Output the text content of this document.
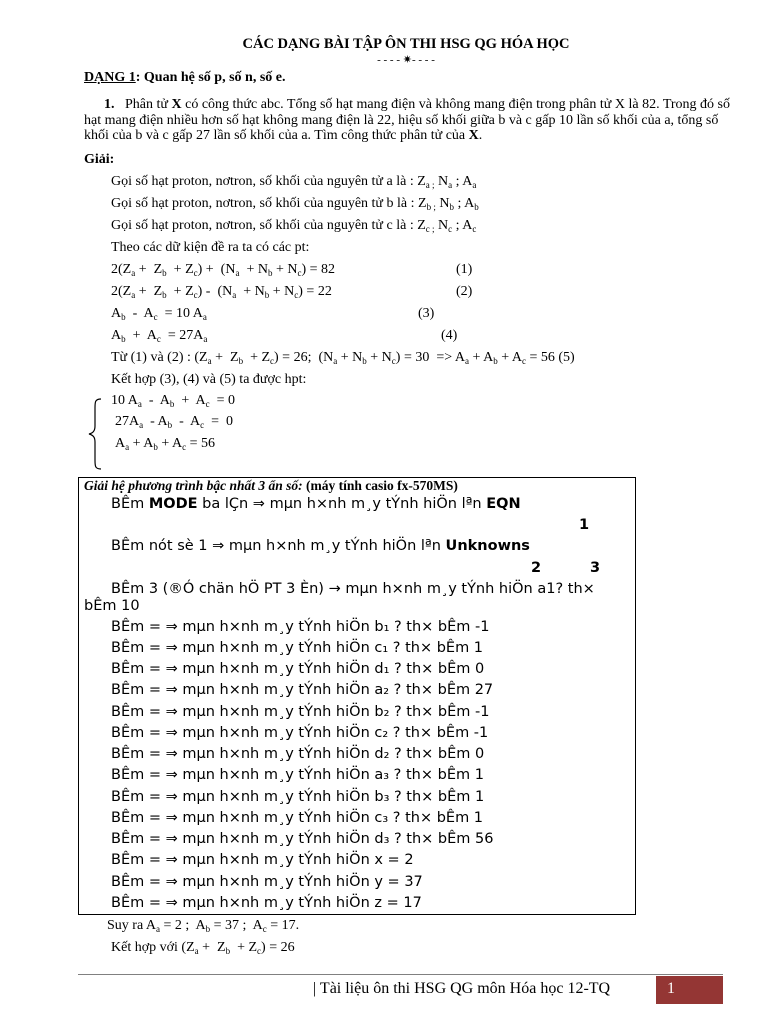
CÁC DẠNG BÀI TẬP ÔN THI HSG QG HÓA HỌC
- - - - ✷- - - -
DẠNG 1: Quan hệ số p, số n, số e.
1. Phân tử X có công thức abc. Tổng số hạt mang điện và không mang điện trong phân tử X là 82. Trong đó số hạt mang điện nhiều hơn số hạt không mang điện là 22, hiệu số khối giữa b và c gấp 10 lần số khối của a, tổng số khối của b và c gấp 27 lần số khối của a. Tìm công thức phân tử của X.
Giải:
Gọi số hạt proton, nơtron, số khối của nguyên tử a là : $Z_{a ;}$ $N_a$ ; $A_a$
Gọi số hạt proton, nơtron, số khối của nguyên tử b là : $Z_{b ;}$ $N_b$ ; $A_b$
Gọi số hạt proton, nơtron, số khối của nguyên tử c là : $Z_{c ;}$ $N_c$ ; $A_c$
Theo các dữ kiện đề ra ta có các pt:
$2(Z_a + Z_b + Z_c) + (N_a + N_b + N_c) = 82$	(1)
$2(Z_a + Z_b + Z_c) - (N_a + N_b + N_c) = 22$	(2)
$A_b - A_c = 10$ $A_a$	(3)
$A_b + A_c = 27A_a$	(4)
Từ (1) và (2) : $(Z_a + Z_b + Z_c) = 26$;  $(N_a + N_b + N_c) = 30 => A_a + A_b + A_c = 56$ (5)
Kết hợp (3), (4) và (5) ta được hpt:
10 $A_a - A_b + A_c = 0$
$27A_a - A_b - A_c = 0$
$A_a + A_b + A_c = 56$
Giải hệ phương trình bậc nhất 3 ẩn số: (máy tính casio fx-570MS)
BÊm MODE ba lÇn ⇒ mµn h×nh m¸y tÝnh hiÖn lªn EQN
1
BÊm nót sè 1 ⇒ mµn h×nh m¸y tÝnh hiÖn lªn Unknowns
2	3
BÊm 3 (®Ó chän hÖ PT 3 Èn) → mµn h×nh m¸y tÝnh hiÖn a1? th×
bÊm 10
BÊm = ⇒ mµn h×nh m¸y tÝnh hiÖn b₁ ? th× bÊm -1
BÊm = ⇒ mµn h×nh m¸y tÝnh hiÖn c₁ ? th× bÊm 1
BÊm = ⇒ mµn h×nh m¸y tÝnh hiÖn d₁ ? th× bÊm 0
BÊm = ⇒ mµn h×nh m¸y tÝnh hiÖn a₂ ? th× bÊm 27
BÊm = ⇒ mµn h×nh m¸y tÝnh hiÖn b₂ ? th× bÊm -1
BÊm = ⇒ mµn h×nh m¸y tÝnh hiÖn c₂ ? th× bÊm -1
BÊm = ⇒ mµn h×nh m¸y tÝnh hiÖn d₂ ? th× bÊm 0
BÊm = ⇒ mµn h×nh m¸y tÝnh hiÖn a₃ ? th× bÊm 1
BÊm = ⇒ mµn h×nh m¸y tÝnh hiÖn b₃ ? th× bÊm 1
BÊm = ⇒ mµn h×nh m¸y tÝnh hiÖn c₃ ? th× bÊm 1
BÊm = ⇒ mµn h×nh m¸y tÝnh hiÖn d₃ ? th× bÊm 56
BÊm = ⇒ mµn h×nh m¸y tÝnh hiÖn x = 2
BÊm = ⇒ mµn h×nh m¸y tÝnh hiÖn y = 37
BÊm = ⇒ mµn h×nh m¸y tÝnh hiÖn z = 17
Suy ra $A_a = 2$ ;  $A_b = 37$ ;  $A_c = 17$.
Kết hợp với $(Z_a + Z_b + Z_c) = 26$
| Tài liệu ôn thi HSG QG môn Hóa học 12-TQ	1
